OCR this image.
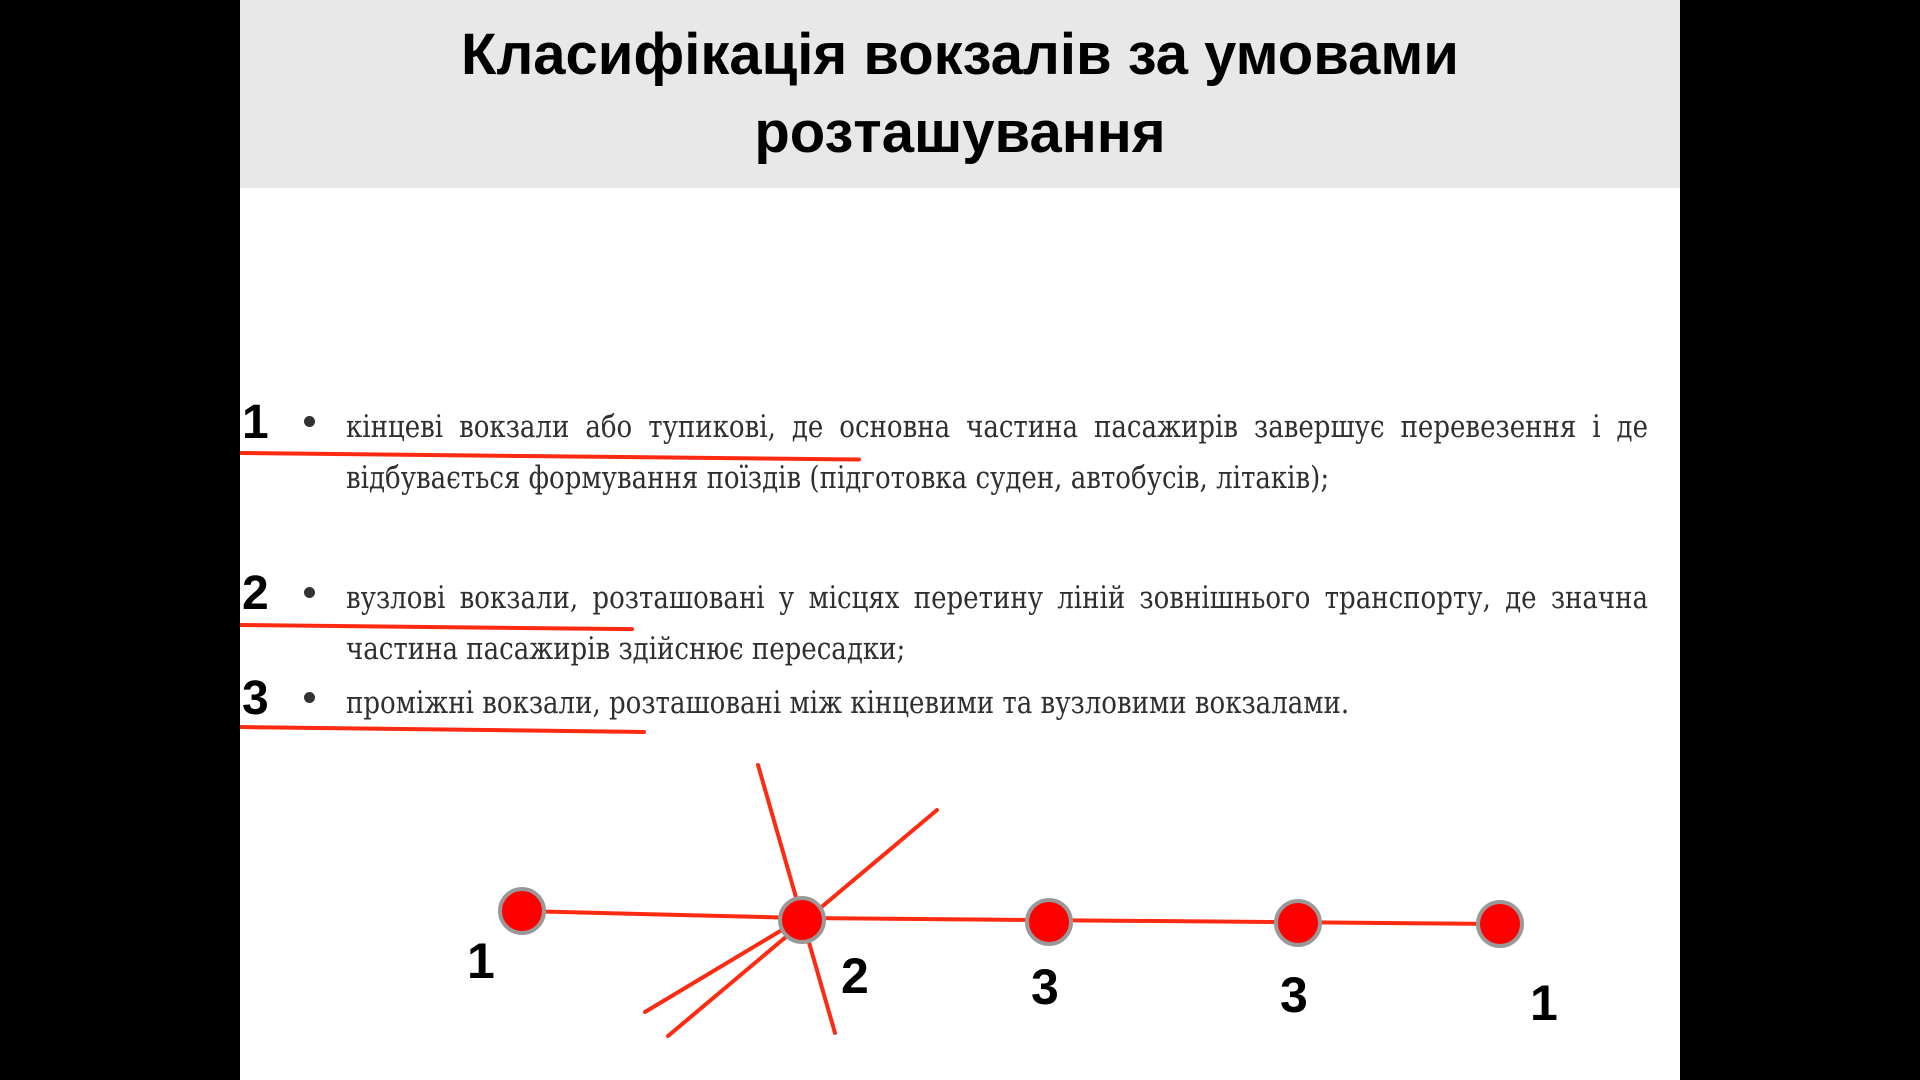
Класифікація вокзалів за умовами розташування
1 кінцеві вокзали або тупикові, де основна частина пасажирів завершує перевезення і де відбувається формування поїздів (підготовка суден, автобусів, літаків);

2 вузлові вокзали, розташовані у місцях перетину ліній зовнішнього транспорту, де значна частина пасажирів здійснює пересадки;

3 проміжні вокзали, розташовані між кінцевими та вузловими вокзалами.

1	2	3	3	1
